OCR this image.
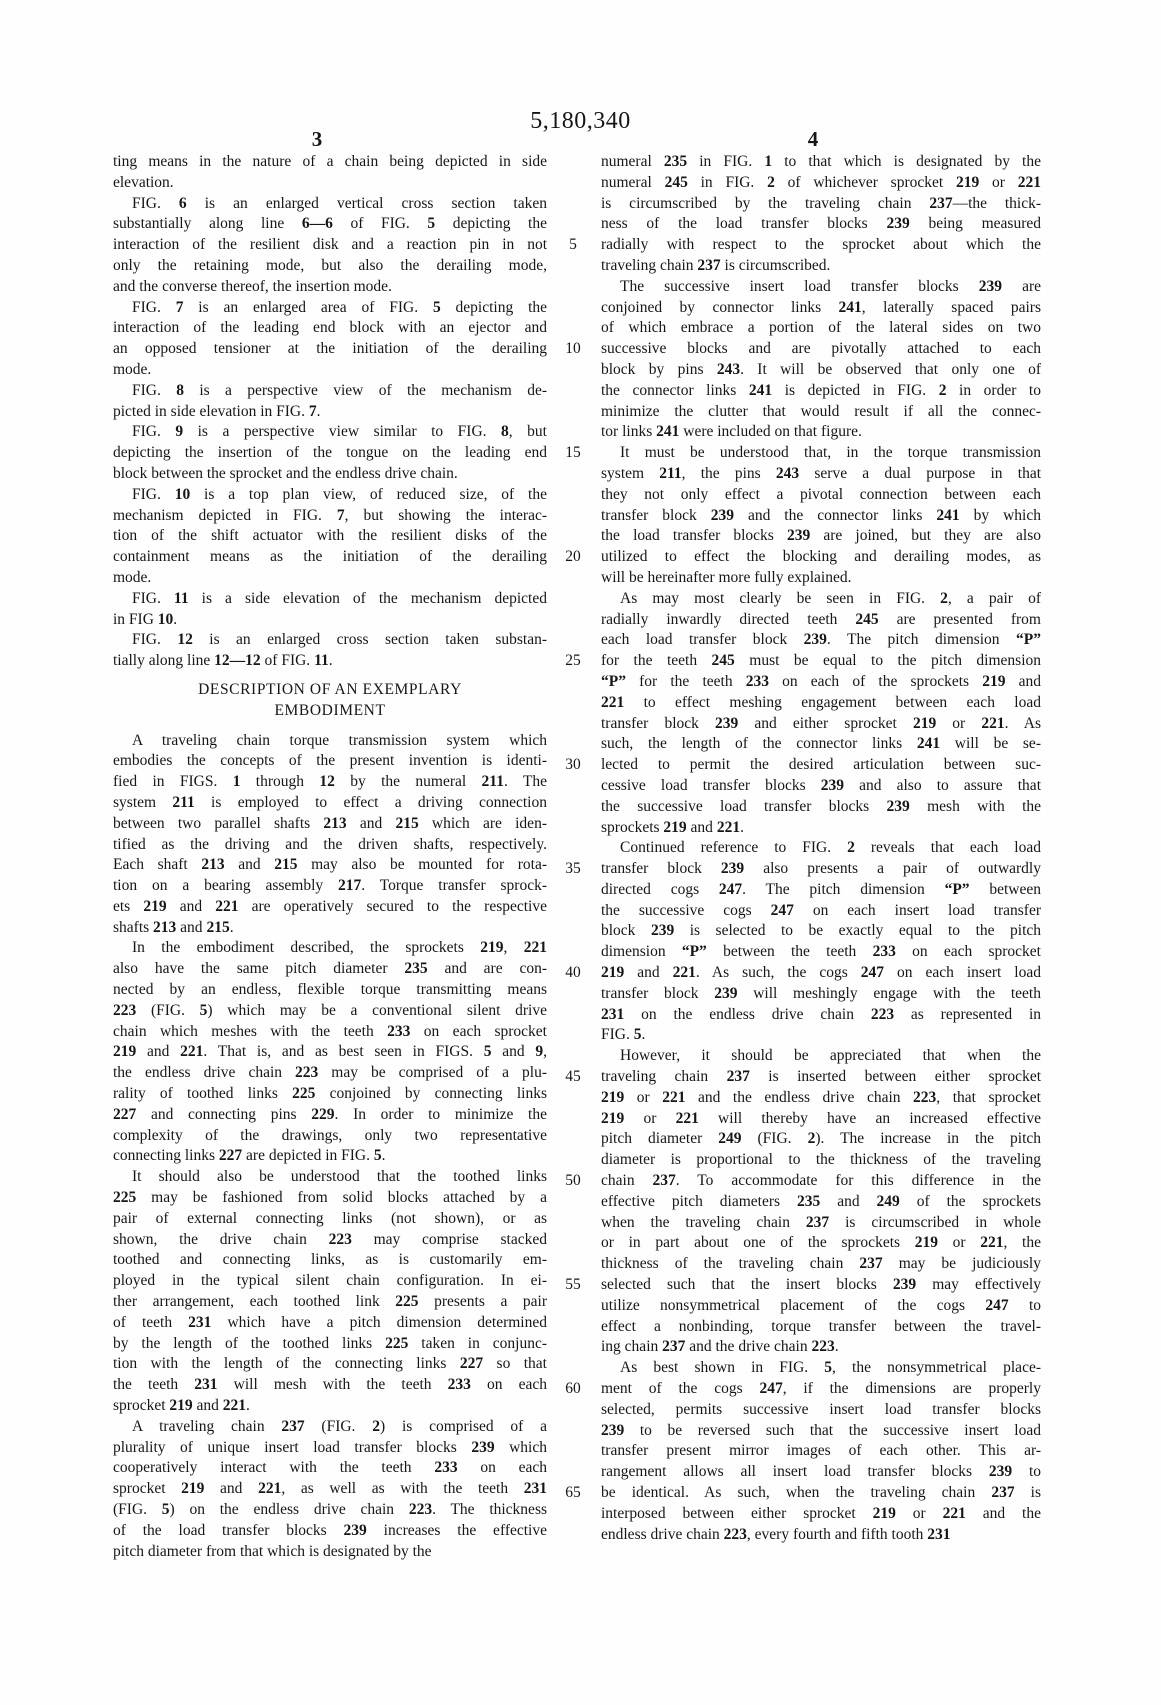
5,180,340
3	4
ting means in the nature of a chain being depicted in side
elevation.
FIG. 6 is an enlarged vertical cross section taken
substantially along line 6—6 of FIG. 5 depicting the
interaction of the resilient disk and a reaction pin in not
only the retaining mode, but also the derailing mode,
and the converse thereof, the insertion mode.
FIG. 7 is an enlarged area of FIG. 5 depicting the
interaction of the leading end block with an ejector and
an opposed tensioner at the initiation of the derailing
mode.
FIG. 8 is a perspective view of the mechanism de-
picted in side elevation in FIG. 7.
FIG. 9 is a perspective view similar to FIG. 8, but
depicting the insertion of the tongue on the leading end
block between the sprocket and the endless drive chain.
FIG. 10 is a top plan view, of reduced size, of the
mechanism depicted in FIG. 7, but showing the interac-
tion of the shift actuator with the resilient disks of the
containment means as the initiation of the derailing
mode.
FIG. 11 is a side elevation of the mechanism depicted
in FIG 10.
FIG. 12 is an enlarged cross section taken substan-
tially along line 12—12 of FIG. 11.
DESCRIPTION OF AN EXEMPLARY
EMBODIMENT
A traveling chain torque transmission system which
embodies the concepts of the present invention is identi-
fied in FIGS. 1 through 12 by the numeral 211. The
system 211 is employed to effect a driving connection
between two parallel shafts 213 and 215 which are iden-
tified as the driving and the driven shafts, respectively.
Each shaft 213 and 215 may also be mounted for rota-
tion on a bearing assembly 217. Torque transfer sprock-
ets 219 and 221 are operatively secured to the respective
shafts 213 and 215.
In the embodiment described, the sprockets 219, 221
also have the same pitch diameter 235 and are con-
nected by an endless, flexible torque transmitting means
223 (FIG. 5) which may be a conventional silent drive
chain which meshes with the teeth 233 on each sprocket
219 and 221. That is, and as best seen in FIGS. 5 and 9,
the endless drive chain 223 may be comprised of a plu-
rality of toothed links 225 conjoined by connecting links
227 and connecting pins 229. In order to minimize the
complexity of the drawings, only two representative
connecting links 227 are depicted in FIG. 5.
It should also be understood that the toothed links
225 may be fashioned from solid blocks attached by a
pair of external connecting links (not shown), or as
shown, the drive chain 223 may comprise stacked
toothed and connecting links, as is customarily em-
ployed in the typical silent chain configuration. In ei-
ther arrangement, each toothed link 225 presents a pair
of teeth 231 which have a pitch dimension determined
by the length of the toothed links 225 taken in conjunc-
tion with the length of the connecting links 227 so that
the teeth 231 will mesh with the teeth 233 on each
sprocket 219 and 221.
A traveling chain 237 (FIG. 2) is comprised of a
plurality of unique insert load transfer blocks 239 which
cooperatively interact with the teeth 233 on each
sprocket 219 and 221, as well as with the teeth 231
(FIG. 5) on the endless drive chain 223. The thickness
of the load transfer blocks 239 increases the effective
pitch diameter from that which is designated by the
5
10
15
20
25
30
35
40
45
50
55
60
65
numeral 235 in FIG. 1 to that which is designated by the
numeral 245 in FIG. 2 of whichever sprocket 219 or 221
is circumscribed by the traveling chain 237—the thick-
ness of the load transfer blocks 239 being measured
radially with respect to the sprocket about which the
traveling chain 237 is circumscribed.
The successive insert load transfer blocks 239 are
conjoined by connector links 241, laterally spaced pairs
of which embrace a portion of the lateral sides on two
successive blocks and are pivotally attached to each
block by pins 243. It will be observed that only one of
the connector links 241 is depicted in FIG. 2 in order to
minimize the clutter that would result if all the connec-
tor links 241 were included on that figure.
It must be understood that, in the torque transmission
system 211, the pins 243 serve a dual purpose in that
they not only effect a pivotal connection between each
transfer block 239 and the connector links 241 by which
the load transfer blocks 239 are joined, but they are also
utilized to effect the blocking and derailing modes, as
will be hereinafter more fully explained.
As may most clearly be seen in FIG. 2, a pair of
radially inwardly directed teeth 245 are presented from
each load transfer block 239. The pitch dimension “P”
for the teeth 245 must be equal to the pitch dimension
“P” for the teeth 233 on each of the sprockets 219 and
221 to effect meshing engagement between each load
transfer block 239 and either sprocket 219 or 221. As
such, the length of the connector links 241 will be se-
lected to permit the desired articulation between suc-
cessive load transfer blocks 239 and also to assure that
the successive load transfer blocks 239 mesh with the
sprockets 219 and 221.
Continued reference to FIG. 2 reveals that each load
transfer block 239 also presents a pair of outwardly
directed cogs 247. The pitch dimension “P” between
the successive cogs 247 on each insert load transfer
block 239 is selected to be exactly equal to the pitch
dimension “P” between the teeth 233 on each sprocket
219 and 221. As such, the cogs 247 on each insert load
transfer block 239 will meshingly engage with the teeth
231 on the endless drive chain 223 as represented in
FIG. 5.
However, it should be appreciated that when the
traveling chain 237 is inserted between either sprocket
219 or 221 and the endless drive chain 223, that sprocket
219 or 221 will thereby have an increased effective
pitch diameter 249 (FIG. 2). The increase in the pitch
diameter is proportional to the thickness of the traveling
chain 237. To accommodate for this difference in the
effective pitch diameters 235 and 249 of the sprockets
when the traveling chain 237 is circumscribed in whole
or in part about one of the sprockets 219 or 221, the
thickness of the traveling chain 237 may be judiciously
selected such that the insert blocks 239 may effectively
utilize nonsymmetrical placement of the cogs 247 to
effect a nonbinding, torque transfer between the travel-
ing chain 237 and the drive chain 223.
As best shown in FIG. 5, the nonsymmetrical place-
ment of the cogs 247, if the dimensions are properly
selected, permits successive insert load transfer blocks
239 to be reversed such that the successive insert load
transfer present mirror images of each other. This ar-
rangement allows all insert load transfer blocks 239 to
be identical. As such, when the traveling chain 237 is
interposed between either sprocket 219 or 221 and the
endless drive chain 223, every fourth and fifth tooth 231
